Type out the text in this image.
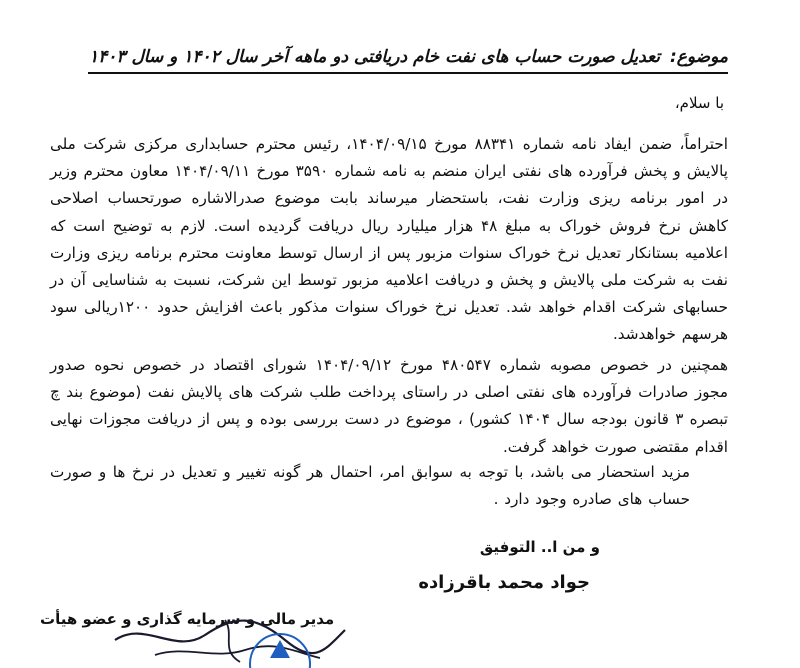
موضوع: تعدیل صورت حساب های نفت خام دریافتی دو ماهه آخر سال ۱۴۰۲ و سال ۱۴۰۳
با سلام،
احتراماً، ضمن ایفاد نامه شماره ۸۸۳۴۱ مورخ ۱۴۰۴/۰۹/۱۵، رئیس محترم حسابداری مرکزی شرکت ملی پالایش و پخش فرآورده های نفتی ایران منضم به نامه شماره ۳۵۹۰ مورخ ۱۴۰۴/۰۹/۱۱ معاون محترم وزیر در امور برنامه ریزی وزارت نفت، باستحضار میرساند بابت موضوع صدرالاشاره صورتحساب اصلاحی کاهش نرخ فروش خوراک به مبلغ ۴۸ هزار میلیارد ریال دریافت گردیده است. لازم به توضیح است که اعلامیه بستانکار تعدیل نرخ خوراک سنوات مزبور پس از ارسال توسط معاونت محترم برنامه ریزی وزارت نفت به شرکت ملی پالایش و پخش و دریافت اعلامیه مزبور توسط این شرکت، نسبت به شناسایی آن در حسابهای شرکت اقدام خواهد شد. تعدیل نرخ خوراک سنوات مذکور باعث افزایش حدود ۱۲۰۰ریالی سود هرسهم خواهدشد.
همچنین در خصوص مصوبه شماره ۴۸۰۵۴۷ مورخ ۱۴۰۴/۰۹/۱۲ شورای اقتصاد در خصوص نحوه صدور مجوز صادرات فرآورده های نفتی اصلی در راستای پرداخت طلب شرکت های پالایش نفت (موضوع بند چ تبصره ۳ قانون بودجه سال ۱۴۰۴ کشور) ، موضوع در دست بررسی بوده و پس از دریافت مجوزات نهایی اقدام مقتضی صورت خواهد گرفت.
مزید استحضار می باشد، با توجه به سوابق امر، احتمال هر گونه تغییر و تعدیل در نرخ ها و صورت حساب های صادره وجود دارد .
و من ا.. التوفیق
جواد محمد باقرزاده
مدیر مالی و سرمایه گذاری و عضو هیأت
